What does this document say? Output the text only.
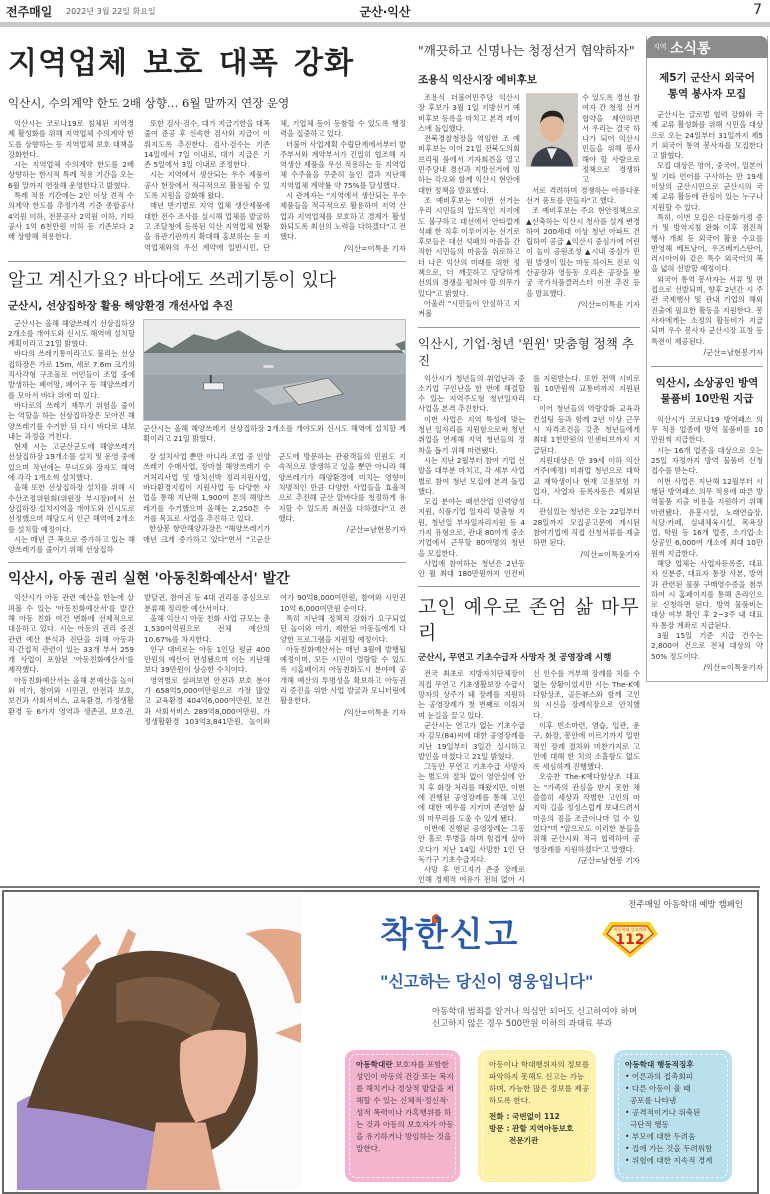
전주매일 2022년 3월 22일 화요일	군산·익산	7
지역업체 보호 대폭 강화
익산시, 수의계약 한도 2배 상향… 6월 말까지 연장 운영

익산시는 코로나19로 침체된 지역경제 활성화를 위해 지역업체 수의계약 한도를 상향하는 등 지역업체 보호 대책을 강화한다.

시는 지역업체 수의계약 한도를 2배 상향하는 한시적 특례 적용 기간을 오는 6월 말까지 연장해 운영한다고 밝혔다.

특례 적용 기간에는 2인 이상 견적 수의계약 한도를 추정가격 기준 종합공사 4억원 이하, 전문공사 2억원 이하, 기타공사 1억 6천만원 이하 등 기존보다 2배 상향해 적용한다.

또한 검사·검수, 대가 지급기한을 대폭 줄여 준공 후 신속한 검사와 지급이 이뤄지도록 추진한다. 검사·검수는 기존 14일에서 7일 이내로, 대가 지급은 기존 5일에서 3일 이내로 조정한다.

시는 지역에서 생산되는 우수 제품이 공사 현장에서 적극적으로 활용될 수 있도록 지원을 강화해 왔다.

매년 반기별로 지역 업체 생산제품에 대한 전수 조사를 실시해 업체를 발굴하고 조달청에 등록된 익산 지역업체 현황을 유관기관까지 확대해 홍보하는 등 지역업체와의 우선 계약에 일반시민, 단체, 기업체 등이 동참할 수 있도록 행정력을 집중하고 있다.

더불어 사업계획 수립단계에서부터 발주부서와 계약부서가 긴밀히 협조해 지역생산 제품을 우선 적용하는 등 지역업체 수주율을 꾸준히 높인 결과 지난해 지역업체 계약률 약 75%를 달성했다.

시 관계자는 "지역에서 생산되는 우수 제품들을 적극적으로 활용하여 지역 산업과 지역업체를 보호하고 경제가 활성화되도록 최선의 노력을 다하겠다"고 전했다.

/익산=이특윤 기자
알고 계신가요? 바다에도 쓰레기통이 있다
군산시, 선상집하장 활용 해양환경 개선사업 추진

군산시는 올해 해양쓰레기 선상집하장 2개소를 개야도와 신시도 해역에 설치할 계획이라고 21일 밝혔다.

바다의 쓰레기통이라고도 불리는 선상집하장은 가로 15m, 세로 7.6m 크기의 직사각형 구조물로 어민들이 조업 중에 발생하는 폐어망, 폐어구 등 해양쓰레기를 모아서 바다 위에 떠 있다.

바다로의 쓰레기 재투기 위험을 줄이는 역할을 하는 선상집하장은 모아진 해양쓰레기를 수거한 뒤 다시 바다로 내보내는 과정을 거친다.

현재 시는 고군산군도에 해양쓰레기 선상집하장 19개소를 설치 및 운영 중에 있으며 작년에는 무녀도와 장자도 해역에 각각 1개소씩 설치했다.

올해 또한 선상집하장 설치를 위해 시 수산조정위원회(위원장 부시장)에서 선상집하장 설치지역을 개야도와 신시도로 선정했으며 해당도서 인근 해역에 2개소를 설치할 예정이다.

시는 매년 큰 폭으로 증가하고 있는 해양쓰레기를 줄이기 위해 선상집하

군산시는 올해 해양쓰레기 선상집하장 2개소를 개야도와 신시도 해역에 설치할 계획이라고 21일 밝혔다.

장 설치사업 뿐만 아니라 조업 중 인양쓰레기 수매사업, 장마철 해양쓰레기 수거처리사업 및 방치선박 정리지원사업, 바다환경지킴이 지원사업 등 다양한 사업을 통해 지난해 1,900여 톤의 해양쓰레기를 수거했으며 올해는 2,250톤 수거를 목표로 사업을 추진하고 있다.

한상봉 항만해양과장은 "해양쓰레기가 매년 크게 증가하고 있다"면서 "고군산군도에 방문하는 관광객들의 민원도 지속적으로 발생하고 있을 뿐만 아니라 해양쓰레기가 해양환경에 미치는 영향이 치명적인 만큼 다양한 사업들을 효율적으로 추진해 군산 앞바다를 청정하게 유지할 수 있도록 최선을 다하겠다"고 전했다.

/군산=남현봉기자
익산시, 아동 권리 실현 '아동친화예산서' 발간

익산시가 아동 관련 예산을 한눈에 살펴볼 수 있는 '아동친화예산서'를 발간해 아동 친화 여건 변화에 선제적으로 대응하고 있다. 시는 아동의 권리 증진 관련 예산 분석과 진단을 위해 아동과 직·간접적 관련이 있는 33개 부서 259개 사업이 포함된 '아동친화예산서'를 제작했다.

아동친화예산서는 올해 본예산을 놀이와 여가, 참여와 시민권, 안전과 보호, 보건과 사회서비스, 교육환경, 가정생활환경 등 6가지 영역과 생존권, 보호권, 발달권, 참여권 등 4대 권리를 중심으로 분류해 정리한 예산서이다.

올해 익산시 아동 친화 사업 규모는 총 1,530여억원으로 전체 예산의 10.67%를 차지한다.

인구 대비로는 아동 1인당 평균 400만원의 예산이 편성됐으며 이는 지난해보다 39만원이 상승한 수치이다.

영역별로 살펴보면 안전과 보호 분야가 658억5,000여만원으로 가장 많았고 교육환경 404억6,000여만원, 보건과 사회서비스 289억8,000여만원, 가정생활환경 103억3,841만원, 놀이와 여가 90억8,000여만원, 참여와 시민권 10억 6,000여만원 순이다.

특히 지난해 정책적 강화가 요구되었던 놀이와 여가, 제한된 아동들에게 다양한 프로그램을 지원할 예정이다.

아동친화예산서는 매년 3월에 발행될 예정이며, 모든 시민이 열람할 수 있도록 시홈페이지 아동친화도시 분야에 공개해 예산의 투명성을 확보하고 아동권리 증진을 위한 사업 발굴과 모니터링에 활용한다.

/익산=이특윤 기자
"깨끗하고 신명나는 청정선거 협약하자"
조용식 익산시장 예비후보

조용식 더불어민주당 익산시장 후보가 3월 1일 지방선거 예비후보 등록을 마치고 본격 레이스에 돌입했다.

전북경찰청장을 역임한 조 예비후보는 이어 21일 전북도의회 브리핑 룸에서 기자회견을 열고 민주당내 경선과 지방선거에 임하는 각오와 함께 익산시 현안에 대한 정책을 발표했다.

조 예비후보는 "이번 선거는 우리 시민들의 압도적인 지지에도 불구하고 대선에서 안타깝게 석패 한 직후 이루어지는 선거로 후보들은 대선 석패의 아픔을 간직한 시민들의 마음을 위로하고 더 나은 익산의 미래를 위한 정책으로, 더 깨끗하고 당당하게 선의의 경쟁을 펼쳐야 할 의무가 있다"고 밝혔다.

아울러 "시민들이 안심하고 지켜볼

수 있도록 경선 참여자 간 청정 선거 협약을 제안하면서 우리는 결국 하나가 되어 익산시민들을 위해 봉사해야 할 사람으로 정책으로 경쟁하고

서로 격려하며 경쟁하는 아름다운 선거 풍토를 만들자"고 했다.

조 예비후보는 주요 현안정책으로 ▲신축하는 익산시 청사를 설계 변경하여 200세대 이상 청년 아파트 건립하여 공급 ▲익산시 중심가에 어린이 놀이 공원조성 ▲시내 중심가 민원 발생이 있는 마동 하이트 진로 익산공장과 영등동 오리온 공장을 왕궁 국가식품클러스터 이전 추진 등을 발표했다.

/익산=이특윤 기자
익산시, 기업·청년 '윈윈' 맞춤형 정책 추진

익산시가 청년들의 취업난과 중소기업 구인난을 한 번에 해결할 수 있는 지역주도형 청년일자리 사업을 본격 추진한다.

이번 사업은 지역 특성에 맞는 청년 일자리를 지원함으로써 청년취업을 연계해 지역 청년들의 정착을 돕기 위해 마련됐다.

시는 지난 2월부터 참여 기업 선발을 대부분 마치고, 각 세부 사업별로 참여 청년 모집에 본격 돌입했다.

모집 분야는 패션산업 인력양성지원, 식품기업 일자리 맞춤형 지원, 청년일 부자일자리지원 등 4가지 유형으로, 관내 80여개 중소기업에서 근무할 80여명의 청년을 모집한다.

사업에 참여하는 청년은 2년동안 월 최대 180만원까지 인건비를 지원받는다. 또한 전액 시비로 월 10만원씩 교통비까지 지원된다.

이어 청년들의 역량강화 교육과 컨설팅 등과 함께 2년 이상 근무시 자격조건을 갖춘 청년들에게 최대 1천만원의 인센티브까지 지급된다.

지원대상은 만 39세 이하 익산 거주(예정) 미취업 청년으로 대학교 재학생이나 현재 고용보험 가입자, 사업자 등록자등은 제외된다.

관심있는 청년은 오는 22일부터 28일까지 모집공고문에 게시된 참여기업에 직접 신청서류를 제출하면 된다.

/익산=이특윤기자
고인 예우로 존엄 삶 마무리
군산시, 무연고 기초수급자 사망자 첫 공영장례 시행

전국 최초로 지방자치단체장이 직접 무연고 기초생활보장 수급사망자의 상주가 돼 장례를 지원하는 공영장례가 첫 번째로 이뤄지며 눈길을 끌고 있다.

군산시는 연고가 없는 기초수급자 김모(84)씨에 대한 공영장례를 지난 19일부터 3일간 실시하고 발인을 마쳤다고 21일 밝혔다.

그동안 무연고 기초수급 사망자는 별도의 절차 없이 영안실에 안치 후 화장 처리를 해왔지만, 이번에 진행된 공영장례를 통해 고인에 대한 예우를 지키며 존엄한 삶의 마무리를 도울 수 있게 됐다.

이번에 진행된 공영장례는 그동안 홀로 투병을 하며 힘겹게 살아 오다가 지난 14일 사망한 1인 단독가구 기초수급자다.

사망 후 연고자가 존중 장례로 인해 경제적 여유가 전혀 없어 시신 인수를 거부해 장례를 치를 수 없는 상황이었지만 시는 The-K예다함상조, 골든뷰스와 함께 고인의 시신을 장례식장으로 안치했다.

이후 빈소마련, 염습, 입관, 운구, 화장, 봉안에 이르기까지 일반적인 장례 절차와 마찬가지로 고인에 대해 한 치의 소홀함도 없도록 세심하게 진행했다.

오승찬 The-K예다함상조 대표는 "가족의 관심을 받지 못한 채 쓸쓸히 세상과 작별한 고인의 마지막 길을 정성스럽게 보내드려서 마음의 짐을 조금이나마 덜 수 있었다"며 "앞으로도 이러한 분들을 위해 군산시와 적극 협력하여 공영장례를 지원하겠다"고 말했다.

/군산=남현봉 기자
지역 소식통
제5기 군산시 외국어
통역 봉사자 모집

군산시는 글로벌 협력 강화와 국제 교류 활성화를 위해 시민을 대상으로 오는 24일부터 31일까지 제5기 외국어 통역 봉사자를 모집한다고 밝혔다.

모집 대상은 영어, 중국어, 일본어 및 기타 언어를 구사하는 만 19세 이상의 군산시민으로 군산시의 국제 교류 활동에 관심이 있는 누구나 지원할 수 있다.

특히, 이번 모집은 다문화가정 증가 및 방역지침 완화 이후 점진적 행사 개최 등 외국어 활용 수요를 반영해 베트남어, 우즈베키스탄어, 러시아어와 같은 특수 외국어의 폭을 넓혀 선발할 예정이다.

외국어 통역 봉사자는 서류 및 면접으로 선발되며, 향후 2년간 시 주관 국제행사 및 관내 기업의 해외 진출에 필요한 활동을 지원한다. 봉사자에게는 소정의 활동비가 지급되며 우수 봉사자 군산시장 표창 등 특전이 제공된다.

/군산=남현봉기자
익산시, 소상공인 방역
물품비 10만원 지급

익산시가 코로나19 방역패스 의무 적용 업종에 방역 물품비를 10만원씩 지급한다.

시는 16개 업종을 대상으로 오는 25일 자정까지 방역 물품비 신청 접수를 받는다.

이번 사업은 지난해 12월부터 시행된 방역패스 의무 적용에 따른 방역물품 지출 비용을 지원하기 위해 마련됐다. 유흥시설, 노래연습장, 식당·카페, 실내체육시설, 목욕장업, 학원 등 16개 업종, 소기업·소상공인 6,000여 개소에 최대 10만 원씩 지급한다.

해당 업체는 사업자등록증, 대표자 신분증, 대표자 통장 사본, 방역과 관련된 물품 구매영수증을 첨부하여 시 홈페이지를 통해 온라인으로 신청하면 된다. 방역 물품비는 대상 여부 확인 후 2~3주 내 대표자 통장 계좌로 지급된다.

3월 15일 기준 지급 건수는 2,800여 건으로 전체 대상의 약 50% 정도이다.

/익산=이특윤기자
전주매일 아동학대 예방 캠페인
착한신고	아동학대 신고전화
112
"신고하는 당신이 영웅입니다"
아동학대 범죄를 알거나 의심만 되어도 신고하여야 하며
신고하지 않은 경우 500만원 이하의 과태료 부과
아동학대란 보호자를 포함한 성인이 아동의 건강 또는 복지를 해치거나 정상적 발달을 저해할 수 있는 신체적·정신적·성적 폭력이나 가혹행위를 하는 것과 아동의 보호자가 아동을 유기하거나 방임하는 것을 말한다.
아동이나 학대행위자의 정보를 파악하지 못해도 신고는 가능하며, 가능한 많은 정보를 제공하도록 한다.
전화 : 국번없이 112
방문 : 관할 지역아동보호
전문기관
아동학대 행동적징후
• 어른과의 접촉회피
• 다른 아동이 울 때
공포를 나타냄
• 공격적이거나 위축된
극단적 행동
• 부모에 대한 두려움
• 집에 가는 것을 두려워함
• 위험에 대한 지속적 경계
